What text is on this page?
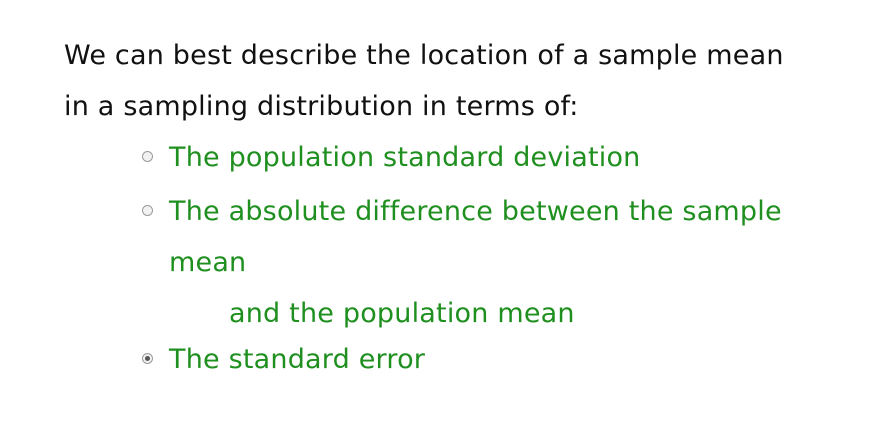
We can best describe the location of a sample mean
in a sampling distribution in terms of:
The population standard deviation
The absolute difference between the sample mean
and the population mean
The standard error
